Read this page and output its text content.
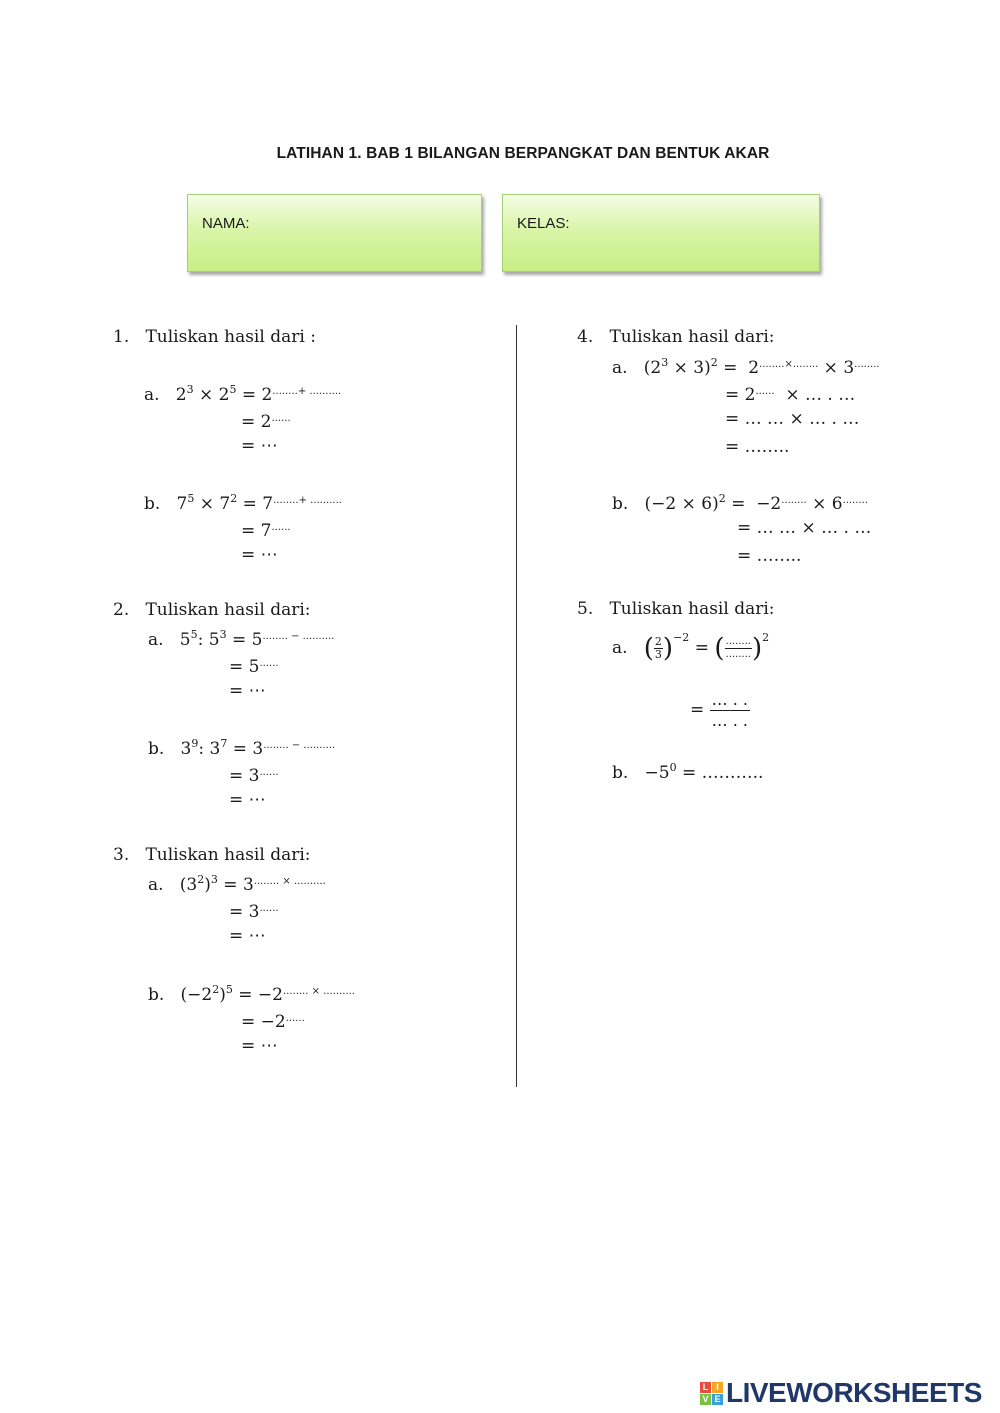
LATIHAN 1. BAB 1 BILANGAN BERPANGKAT DAN BENTUK AKAR
NAMA:	KELAS:
1. Tuliskan hasil dari :
a. $2^3 \times 2^5 = 2^{........+ ..........}$
= 2......
= ⋯
b. $7^5 \times 7^2 = 7^{........+ ..........}$
= 7......
= ⋯
2. Tuliskan hasil dari:
a. $5^5$: $5^3 = 5^{........ - ..........}$
= 5......
= ⋯
b. $3^9$: $3^7 = 3^{........ - ..........}$
= 3......
= ⋯
3. Tuliskan hasil dari:
a. $(3^2)^3 = 3^{........ \times ..........}$
= 3......
= ⋯
b. $(-2^2)^5 = -2^{........ \times ..........}$
= −2......
= ⋯
4. Tuliskan hasil dari:
a. $(2^3 \times 3)^2 = 2^{........\times........} \times 3^{........}$
= 2...... × … . …
= … … × … . …
= ……..
b. $(-2 \times 6)^2 = -2^{........} \times 6^{........}$
= … … × … . …
= ……..
5. Tuliskan hasil dari:
a. ( $\frac{2}{3} )^{-2}$ = ( $\frac{........}{........} )^2$
= $\frac{\dots . .}{\dots . .}$
b. $-5^0$ = ………..
L I
V E LIVEWORKSHEETS
